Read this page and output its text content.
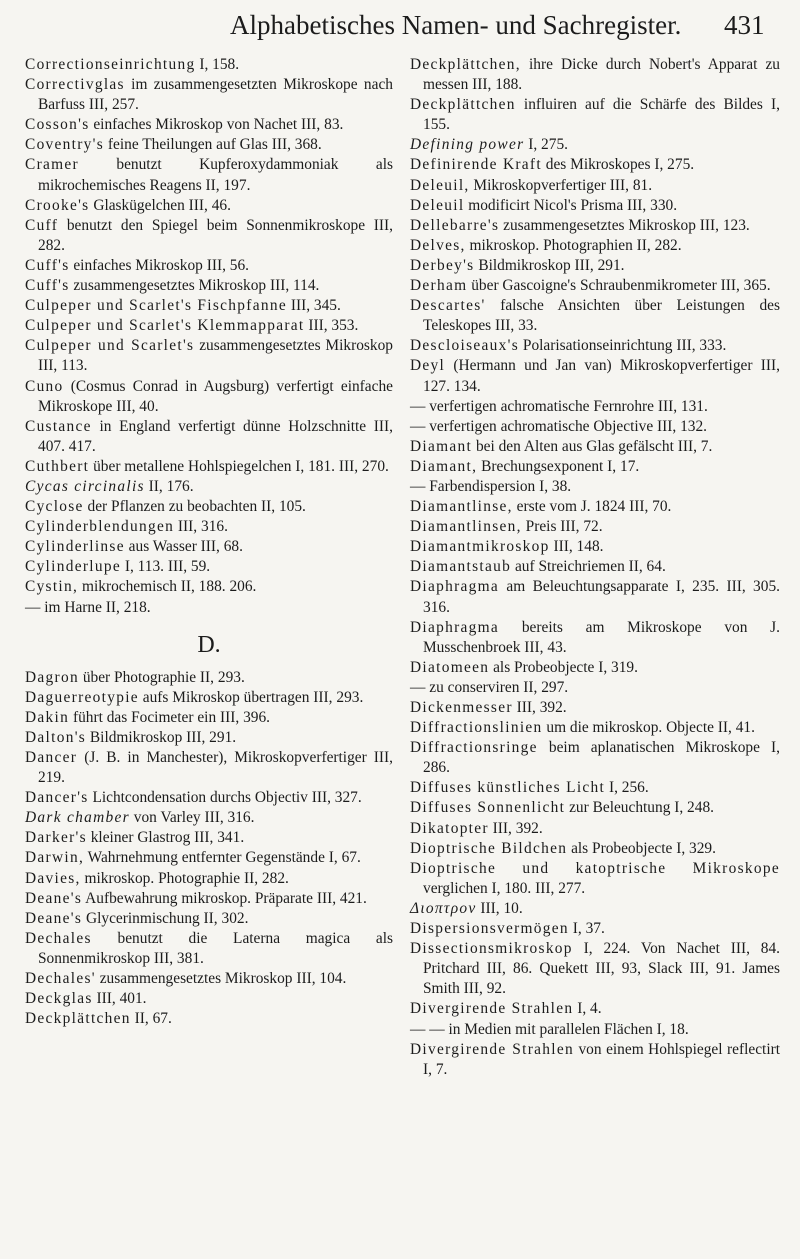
Alphabetisches Namen- und Sachregister. 431
Correctionseinrichtung I, 158.
Correctivglas im zusammengesetzten Mikroskope nach Barfuss III, 257.
Cosson's einfaches Mikroskop von Nachet III, 83.
Coventry's feine Theilungen auf Glas III, 368.
Cramer benutzt Kupferoxydammoniak als mikrochemisches Reagens II, 197.
Crooke's Glaskügelchen III, 46.
Cuff benutzt den Spiegel beim Sonnenmikroskope III, 282.
Cuff's einfaches Mikroskop III, 56.
Cuff's zusammengesetztes Mikroskop III, 114.
Culpeper und Scarlet's Fischpfanne III, 345.
Culpeper und Scarlet's Klemmapparat III, 353.
Culpeper und Scarlet's zusammengesetztes Mikroskop III, 113.
Cuno (Cosmus Conrad in Augsburg) verfertigt einfache Mikroskope III, 40.
Custance in England verfertigt dünne Holzschnitte III, 407. 417.
Cuthbert über metallene Hohlspiegelchen I, 181. III, 270.
Cycas circinalis II, 176.
Cyclose der Pflanzen zu beobachten II, 105.
Cylinderblendungen III, 316.
Cylinderlinse aus Wasser III, 68.
Cylinderlupe I, 113. III, 59.
Cystin, mikrochemisch II, 188. 206.
— im Harne II, 218.
D.
Dagron über Photographie II, 293.
Daguerreotypie aufs Mikroskop übertragen III, 293.
Dakin führt das Focimeter ein III, 396.
Dalton's Bildmikroskop III, 291.
Dancer (J. B. in Manchester), Mikroskopverfertiger III, 219.
Dancer's Lichtcondensation durchs Objectiv III, 327.
Dark chamber von Varley III, 316.
Darker's kleiner Glastrog III, 341.
Darwin, Wahrnehmung entfernter Gegenstände I, 67.
Davies, mikroskop. Photographie II, 282.
Deane's Aufbewahrung mikroskop. Präparate III, 421.
Deane's Glycerinmischung II, 302.
Dechales benutzt die Laterna magica als Sonnenmikroskop III, 381.
Dechales' zusammengesetztes Mikroskop III, 104.
Deckglas III, 401.
Deckplättchen II, 67.
Deckplättchen, ihre Dicke durch Nobert's Apparat zu messen III, 188.
Deckplättchen influiren auf die Schärfe des Bildes I, 155.
Defining power I, 275.
Definirende Kraft des Mikroskopes I, 275.
Deleuil, Mikroskopverfertiger III, 81.
Deleuil modificirt Nicol's Prisma III, 330.
Dellebarre's zusammengesetztes Mikroskop III, 123.
Delves, mikroskop. Photographien II, 282.
Derbey's Bildmikroskop III, 291.
Derham über Gascoigne's Schraubenmikrometer III, 365.
Descartes' falsche Ansichten über Leistungen des Teleskopes III, 33.
Descloiseaux's Polarisationseinrichtung III, 333.
Deyl (Hermann und Jan van) Mikroskopverfertiger III, 127. 134.
— verfertigen achromatische Fernrohre III, 131.
— verfertigen achromatische Objective III, 132.
Diamant bei den Alten aus Glas gefälscht III, 7.
Diamant, Brechungsexponent I, 17.
— Farbendispersion I, 38.
Diamantlinse, erste vom J. 1824 III, 70.
Diamantlinsen, Preis III, 72.
Diamantmikroskop III, 148.
Diamantstaub auf Streichriemen II, 64.
Diaphragma am Beleuchtungsapparate I, 235. III, 305. 316.
Diaphragma bereits am Mikroskope von J. Musschenbroek III, 43.
Diatomeen als Probeobjecte I, 319.
— zu conserviren II, 297.
Dickenmesser III, 392.
Diffractionslinien um die mikroskop. Objecte II, 41.
Diffractionsringe beim aplanatischen Mikroskope I, 286.
Diffuses künstliches Licht I, 256.
Diffuses Sonnenlicht zur Beleuchtung I, 248.
Dikatopter III, 392.
Dioptrische Bildchen als Probeobjecte I, 329.
Dioptrische und katoptrische Mikroskope verglichen I, 180. III, 277.
Διοπτρον III, 10.
Dispersionsvermögen I, 37.
Dissectionsmikroskop I, 224. Von Nachet III, 84. Pritchard III, 86. Quekett III, 93, Slack III, 91. James Smith III, 92.
Divergirende Strahlen I, 4.
— — in Medien mit parallelen Flächen I, 18.
Divergirende Strahlen von einem Hohlspiegel reflectirt I, 7.
